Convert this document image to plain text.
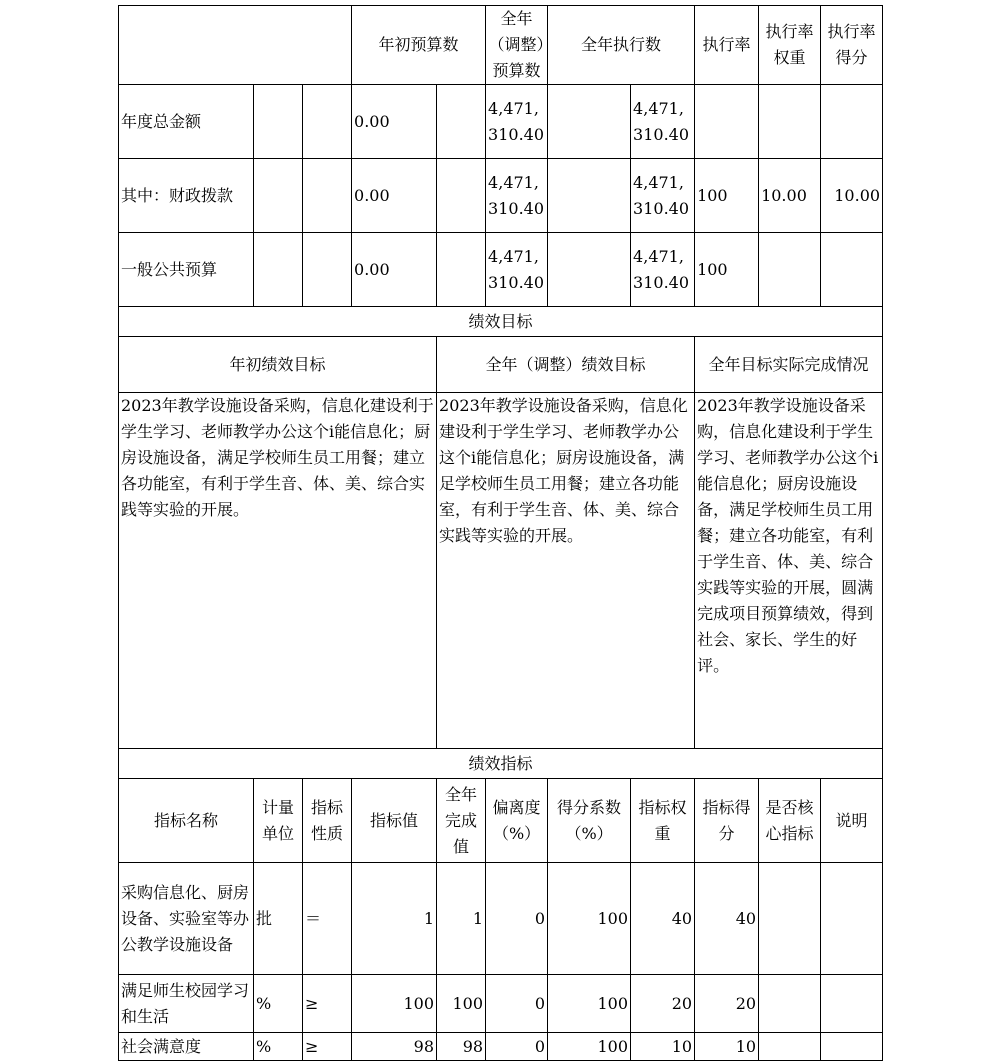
			年初预算数		全年（调整）预算数	全年执行数		执行率	执行率权重	执行率得分
年度总金额			0.00		4,471,310.40		4,471,310.40			
其中：财政拨款			0.00		4,471,310.40		4,471,310.40	100	10.00	10.00
一般公共预算			0.00		4,471,310.40		4,471,310.40	100		
绩效目标										
年初绩效目标				全年（调整）绩效目标				全年目标实际完成情况		
2023年教学设施设备采购，信息化建设利于学生学习、老师教学办公这个i能信息化；厨房设施设备，满足学校师生员工用餐；建立各功能室，有利于学生音、体、美、综合实践等实验的开展。				2023年教学设施设备采购，信息化建设利于学生学习、老师教学办公这个i能信息化；厨房设施设备，满足学校师生员工用餐；建立各功能室，有利于学生音、体、美、综合实践等实验的开展。				2023年教学设施设备采购，信息化建设利于学生学习、老师教学办公这个i能信息化；厨房设施设备，满足学校师生员工用餐；建立各功能室，有利于学生音、体、美、综合实践等实验的开展，圆满完成项目预算绩效，得到社会、家长、学生的好评。		
绩效指标										
指标名称	计量单位	指标性质	指标值	全年完成值	偏离度（%）	得分系数（%）	指标权重	指标得分	是否核心指标	说明
采购信息化、厨房设备、实验室等办公教学设施设备	批	＝	1	1	0	100	40	40		
满足师生校园学习和生活	%	≥	100	100	0	100	20	20		
社会满意度	%	≥	98	98	0	100	10	10		
